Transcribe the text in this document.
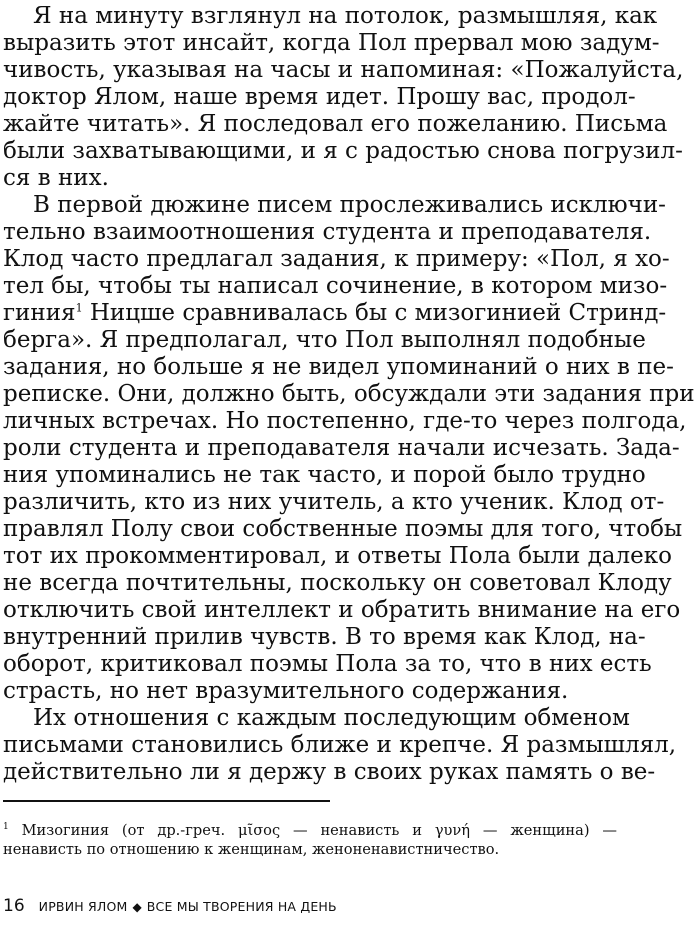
Я на минуту взглянул на потолок, размышляя, как

выразить этот инсайт, когда Пол прервал мою задум-

чивость, указывая на часы и напоминая: «Пожалуйста,

доктор Ялом, наше время идет. Прошу вас, продол-

жайте читать». Я последовал его пожеланию. Письма

были захватывающими, и я с радостью снова погрузил-

ся в них.

В первой дюжине писем прослеживались исключи-

тельно взаимоотношения студента и преподавателя.

Клод часто предлагал задания, к примеру: «Пол, я хо-

тел бы, чтобы ты написал сочинение, в котором мизо-

гиния$^1$ Ницше сравнивалась бы с мизогинией Стринд-

берга». Я предполагал, что Пол выполнял подобные

задания, но больше я не видел упоминаний о них в пе-

реписке. Они, должно быть, обсуждали эти задания при

личных встречах. Но постепенно, где-то через полгода,

роли студента и преподавателя начали исчезать. Зада-

ния упоминались не так часто, и порой было трудно

различить, кто из них учитель, а кто ученик. Клод от-

правлял Полу свои собственные поэмы для того, чтобы

тот их прокомментировал, и ответы Пола были далеко

не всегда почтительны, поскольку он советовал Клоду

отключить свой интеллект и обратить внимание на его

внутренний прилив чувств. В то время как Клод, на-

оборот, критиковал поэмы Пола за то, что в них есть

страсть, но нет вразумительного содержания.

Их отношения с каждым последующим обменом

письмами становились ближе и крепче. Я размышлял,

действительно ли я держу в своих руках память о ве-

$^1$ Мизогиния (от др.-греч. μῖσος — ненависть и γυνή — женщина) —

ненависть по отношению к женщинам, женоненавистничество.

16 ИРВИН ЯЛОМ ◆ ВСЕ МЫ ТВОРЕНИЯ НА ДЕНЬ
